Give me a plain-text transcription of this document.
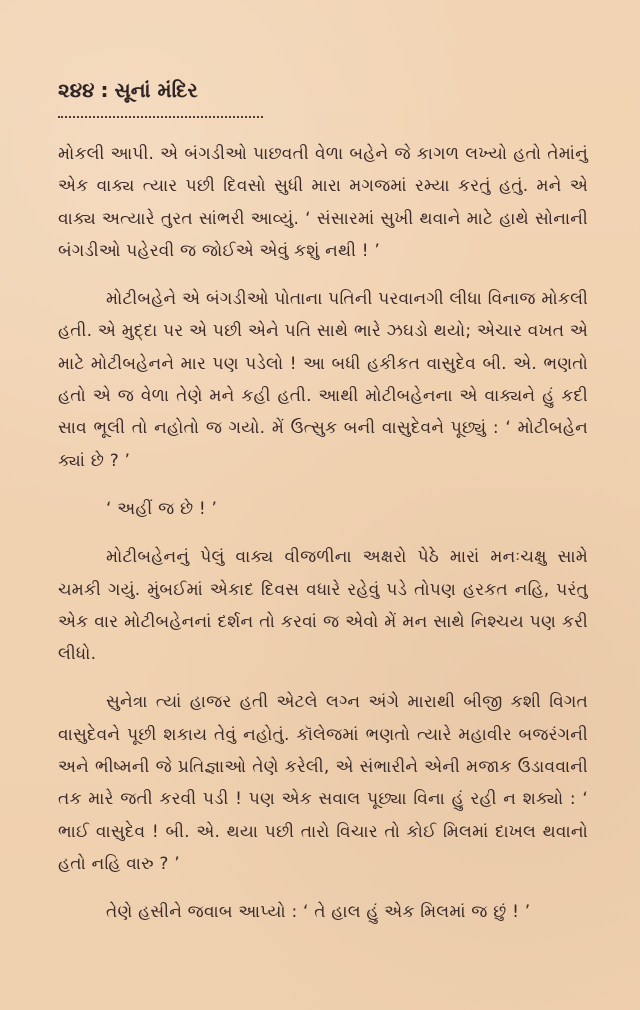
૨૪૪ : સૂનાં મંદિર

મોકલી આપી. એ બંગડીઓ પાછવતી વેળા બહેને જે કાગળ લખ્યો હતો તેમાંનું એક વાક્ય ત્યાર પછી દિવસો સુધી મારા મગજમાં રમ્યા કરતું હતું. મને એ વાક્ય અત્યારે તુરત સાંભરી આવ્યું. ‘ સંસારમાં સુખી થવાને માટે હાથે સોનાની બંગડીઓ પહેરવી જ જોઈએ એવું કશું નથી ! ’

મોટીબહેને એ બંગડીઓ પોતાના પતિની પરવાનગી લીધા વિનાજ મોકલી હતી. એ મુદ્દા પર એ પછી એને પતિ સાથે ભારે ઝઘડો થયો; એચાર વખત એ માટે મોટીબહેનને માર પણ પડેલો ! આ બધી હકીકત વાસુદેવ બી. એ. ભણતો હતો એ જ વેળા તેણે મને કહી હતી. આથી મોટીબહેનના એ વાક્યને હું કદી સાવ ભૂલી તો નહોતો જ ગયો. મેં ઉત્સુક બની વાસુદેવને પૂછ્યું : ‘ મોટીબહેન ક્યાં છે ? ’

‘ અહીં જ છે ! ’

મોટીબહેનનું પેલું વાક્ય વીજળીના અક્ષરો પેઠે મારાં મનઃચક્ષુ સામે ચમકી ગયું. મુંબઈમાં એકાદ દિવસ વધારે રહેવું પડે તોપણ હરકત નહિ, પરંતુ એક વાર મોટીબહેનનાં દર્શન તો કરવાં જ એવો મેં મન સાથે નિશ્ચય પણ કરી લીધો.

સુનેત્રા ત્યાં હાજર હતી એટલે લગ્ન અંગે મારાથી બીજી કશી વિગત વાસુદેવને પૂછી શકાય તેવું નહોતું. કૉલેજમાં ભણતો ત્યારે મહાવીર બજરંગની અને ભીષ્મની જે પ્રતિજ્ઞાઓ તેણે કરેલી, એ સંભારીને એની મજાક ઉડાવવાની તક મારે જતી કરવી પડી ! પણ એક સવાલ પૂછ્યા વિના હું રહી ન શક્યો : ‘ ભાઈ વાસુદેવ ! બી. એ. થયા પછી તારો વિચાર તો કોઈ મિલમાં દાખલ થવાનો હતો નહિ વારુ ? ’

તેણે હસીને જવાબ આપ્યો : ‘ તે હાલ હું એક મિલમાં જ છું ! ’
